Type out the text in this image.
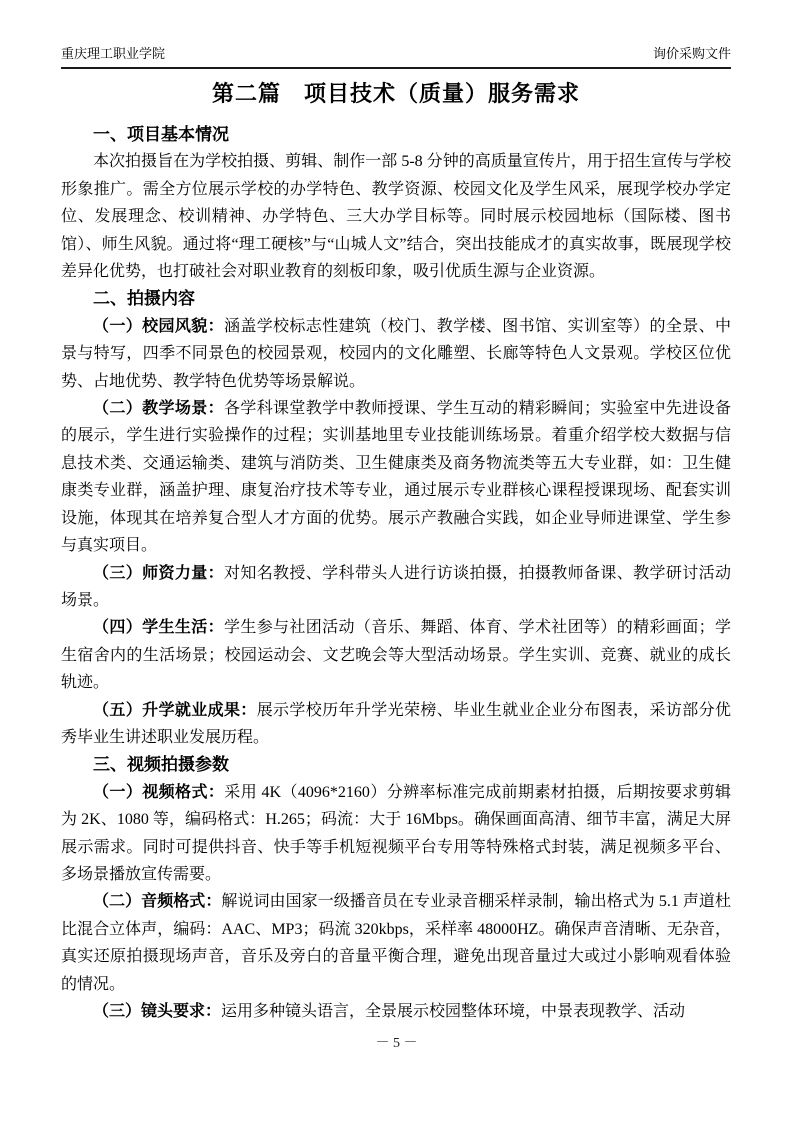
重庆理工职业学院	询价采购文件
第二篇　项目技术（质量）服务需求
一、项目基本情况

本次拍摄旨在为学校拍摄、剪辑、制作一部 5-8 分钟的高质量宣传片，用于招生宣传与学校形象推广。需全方位展示学校的办学特色、教学资源、校园文化及学生风采，展现学校办学定位、发展理念、校训精神、办学特色、三大办学目标等。同时展示校园地标（国际楼、图书馆）、师生风貌。通过将“理工硬核”与“山城人文”结合，突出技能成才的真实故事，既展现学校差异化优势，也打破社会对职业教育的刻板印象，吸引优质生源与企业资源。

二、拍摄内容

（一）校园风貌：涵盖学校标志性建筑（校门、教学楼、图书馆、实训室等）的全景、中景与特写，四季不同景色的校园景观，校园内的文化雕塑、长廊等特色人文景观。学校区位优势、占地优势、教学特色优势等场景解说。

（二）教学场景：各学科课堂教学中教师授课、学生互动的精彩瞬间；实验室中先进设备的展示，学生进行实验操作的过程；实训基地里专业技能训练场景。着重介绍学校大数据与信息技术类、交通运输类、建筑与消防类、卫生健康类及商务物流类等五大专业群，如：卫生健康类专业群，涵盖护理、康复治疗技术等专业，通过展示专业群核心课程授课现场、配套实训设施，体现其在培养复合型人才方面的优势。展示产教融合实践，如企业导师进课堂、学生参与真实项目。

（三）师资力量：对知名教授、学科带头人进行访谈拍摄，拍摄教师备课、教学研讨活动场景。

（四）学生生活：学生参与社团活动（音乐、舞蹈、体育、学术社团等）的精彩画面；学生宿舍内的生活场景；校园运动会、文艺晚会等大型活动场景。学生实训、竞赛、就业的成长轨迹。

（五）升学就业成果：展示学校历年升学光荣榜、毕业生就业企业分布图表，采访部分优秀毕业生讲述职业发展历程。

三、视频拍摄参数

（一）视频格式：采用 4K（4096*2160）分辨率标准完成前期素材拍摄，后期按要求剪辑为 2K、1080 等，编码格式：H.265；码流：大于 16Mbps。确保画面高清、细节丰富，满足大屏展示需求。同时可提供抖音、快手等手机短视频平台专用等特殊格式封装，满足视频多平台、多场景播放宣传需要。

（二）音频格式：解说词由国家一级播音员在专业录音棚采样录制，输出格式为 5.1 声道杜比混合立体声，编码：AAC、MP3；码流 320kbps，采样率 48000HZ。确保声音清晰、无杂音，真实还原拍摄现场声音，音乐及旁白的音量平衡合理，避免出现音量过大或过小影响观看体验的情况。

（三）镜头要求：运用多种镜头语言，全景展示校园整体环境，中景表现教学、活动

－ 5 －
